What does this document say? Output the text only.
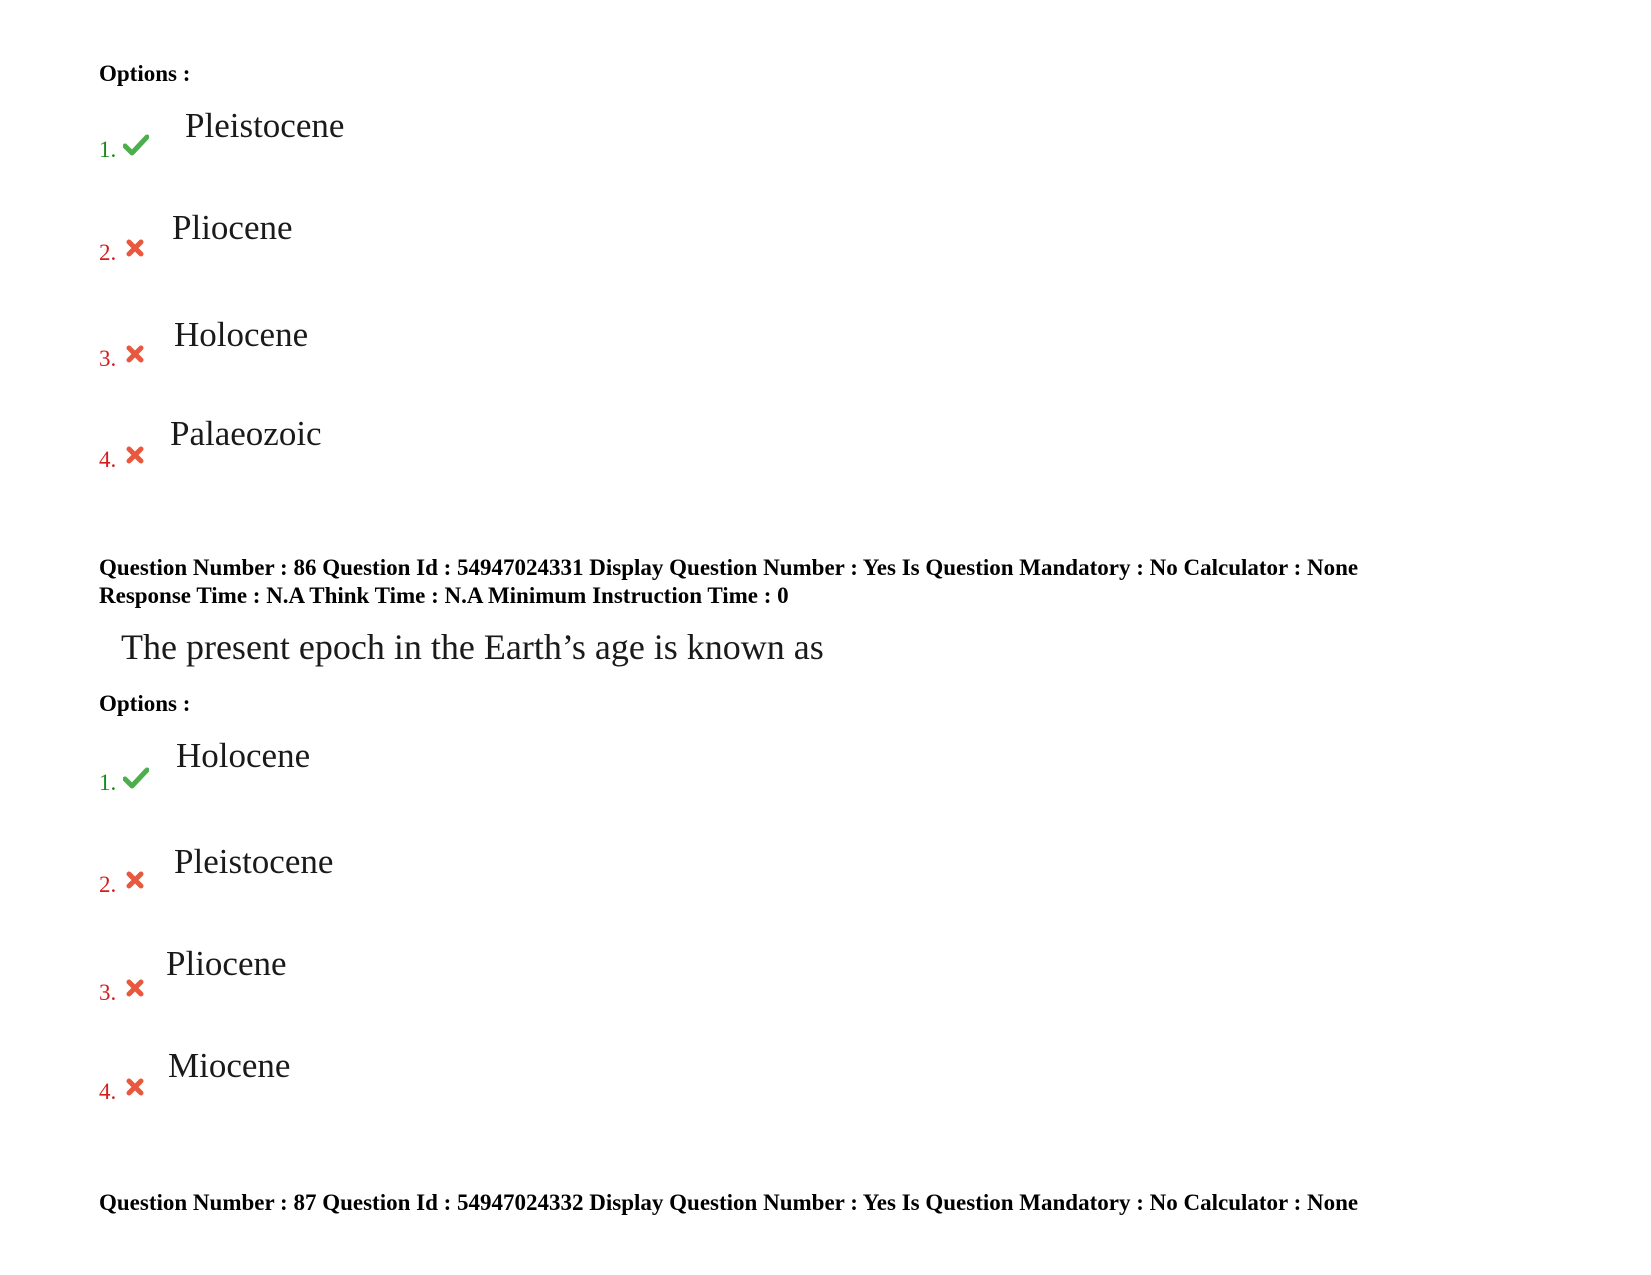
Options :
1.
Pleistocene
2.
Pliocene
3.
Holocene
4.
Palaeozoic
Question Number : 86 Question Id : 54947024331 Display Question Number : Yes Is Question Mandatory : No Calculator : None
Response Time : N.A Think Time : N.A Minimum Instruction Time : 0
The present epoch in the Earth’s age is known as
Options :
1.
Holocene
2.
Pleistocene
3.
Pliocene
4.
Miocene
Question Number : 87 Question Id : 54947024332 Display Question Number : Yes Is Question Mandatory : No Calculator : None
